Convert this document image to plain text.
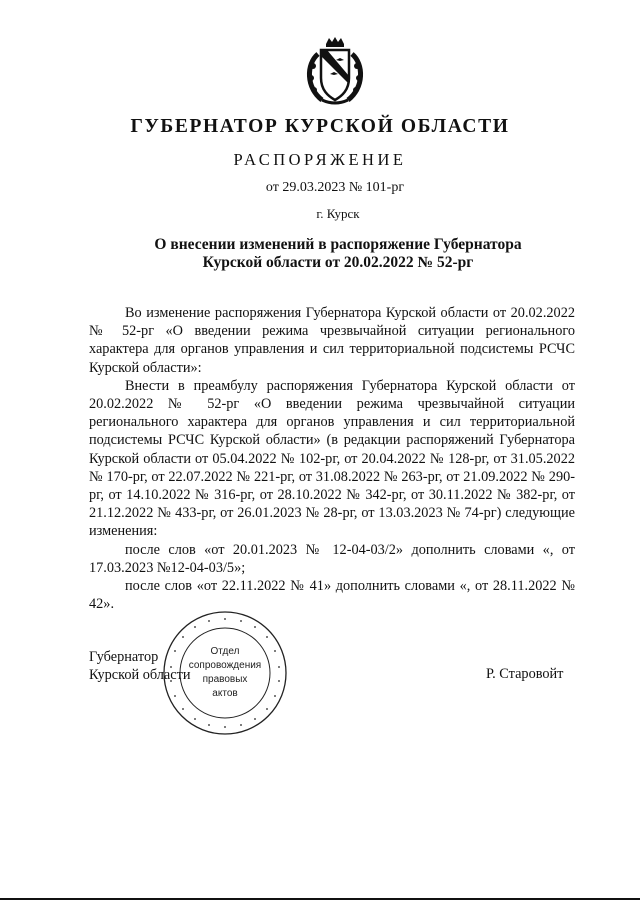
ГУБЕРНАТОР КУРСКОЙ ОБЛАСТИ
РАСПОРЯЖЕНИЕ
от 29.03.2023 № 101-рг
г. Курск
О внесении изменений в распоряжение Губернатора
Курской области от 20.02.2022 № 52-рг

Во изменение распоряжения Губернатора Курской области от 20.02.2022 № 52-рг «О введении режима чрезвычайной ситуации регионального характера для органов управления и сил территориальной подсистемы РСЧС Курской области»:

Внести в преамбулу распоряжения Губернатора Курской области от 20.02.2022 № 52-рг «О введении режима чрезвычайной ситуации регионального характера для органов управления и сил территориальной подсистемы РСЧС Курской области» (в редакции распоряжений Губернатора Курской области от 05.04.2022 № 102-рг, от 20.04.2022 № 128-рг, от 31.05.2022 № 170-рг, от 22.07.2022 № 221-рг, от 31.08.2022 № 263-рг, от 21.09.2022 № 290-рг, от 14.10.2022 № 316-рг, от 28.10.2022 № 342-рг, от 30.11.2022 № 382-рг, от 21.12.2022 № 433-рг, от 26.01.2023 № 28-рг, от 13.03.2023 № 74-рг) следующие изменения:

после слов «от 20.01.2023 № 12-04-03/2» дополнить словами «, от 17.03.2023 №12-04-03/5»;

после слов «от 22.11.2022 № 41» дополнить словами «, от 28.11.2022 № 42».

Отдел
сопровождения
правовых
актов
Губернатор
Курской области	Р. Старовойт
